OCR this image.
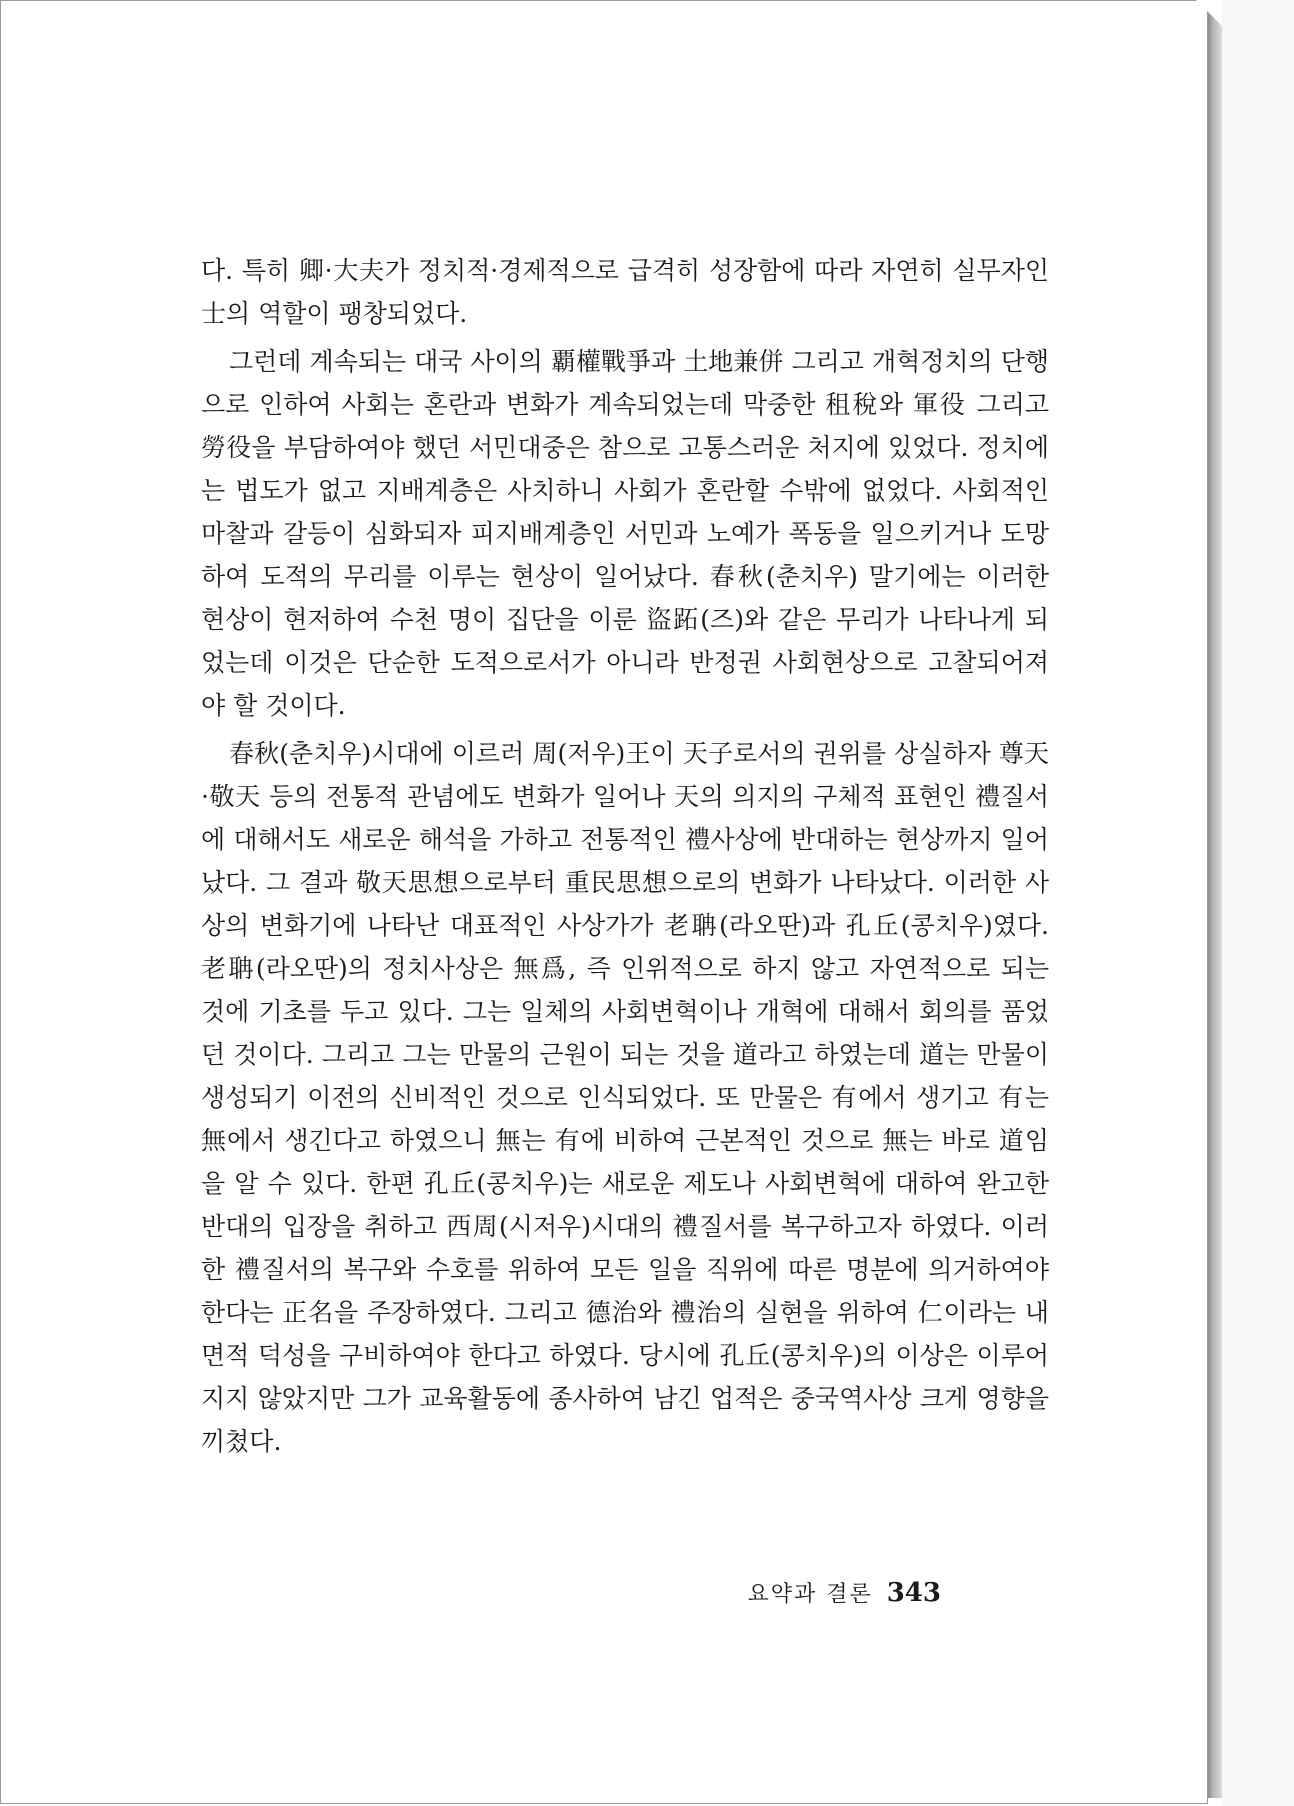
다. 특히 卿·大夫가 정치적·경제적으로 급격히 성장함에 따라 자연히 실무자인 士의 역할이 팽창되었다.

그런데 계속되는 대국 사이의 覇權戰爭과 土地兼併 그리고 개혁정치의 단행으로 인하여 사회는 혼란과 변화가 계속되었는데 막중한 租稅와 軍役 그리고 勞役을 부담하여야 했던 서민대중은 참으로 고통스러운 처지에 있었다. 정치에는 법도가 없고 지배계층은 사치하니 사회가 혼란할 수밖에 없었다. 사회적인 마찰과 갈등이 심화되자 피지배계층인 서민과 노예가 폭동을 일으키거나 도망하여 도적의 무리를 이루는 현상이 일어났다. 春秋(춘치우) 말기에는 이러한 현상이 현저하여 수천 명이 집단을 이룬 盜跖(즈)와 같은 무리가 나타나게 되었는데 이것은 단순한 도적으로서가 아니라 반정권 사회현상으로 고찰되어져야 할 것이다.

春秋(춘치우)시대에 이르러 周(저우)王이 天子로서의 권위를 상실하자 尊天·敬天 등의 전통적 관념에도 변화가 일어나 天의 의지의 구체적 표현인 禮질서에 대해서도 새로운 해석을 가하고 전통적인 禮사상에 반대하는 현상까지 일어났다. 그 결과 敬天思想으로부터 重民思想으로의 변화가 나타났다. 이러한 사상의 변화기에 나타난 대표적인 사상가가 老聃(라오딴)과 孔丘(콩치우)였다. 老聃(라오딴)의 정치사상은 無爲, 즉 인위적으로 하지 않고 자연적으로 되는 것에 기초를 두고 있다. 그는 일체의 사회변혁이나 개혁에 대해서 회의를 품었던 것이다. 그리고 그는 만물의 근원이 되는 것을 道라고 하였는데 道는 만물이 생성되기 이전의 신비적인 것으로 인식되었다. 또 만물은 有에서 생기고 有는 無에서 생긴다고 하였으니 無는 有에 비하여 근본적인 것으로 無는 바로 道임을 알 수 있다. 한편 孔丘(콩치우)는 새로운 제도나 사회변혁에 대하여 완고한 반대의 입장을 취하고 西周(시저우)시대의 禮질서를 복구하고자 하였다. 이러한 禮질서의 복구와 수호를 위하여 모든 일을 직위에 따른 명분에 의거하여야 한다는 正名을 주장하였다. 그리고 德治와 禮治의 실현을 위하여 仁이라는 내면적 덕성을 구비하여야 한다고 하였다. 당시에 孔丘(콩치우)의 이상은 이루어지지 않았지만 그가 교육활동에 종사하여 남긴 업적은 중국역사상 크게 영향을 끼쳤다.

요약과 결론 343
